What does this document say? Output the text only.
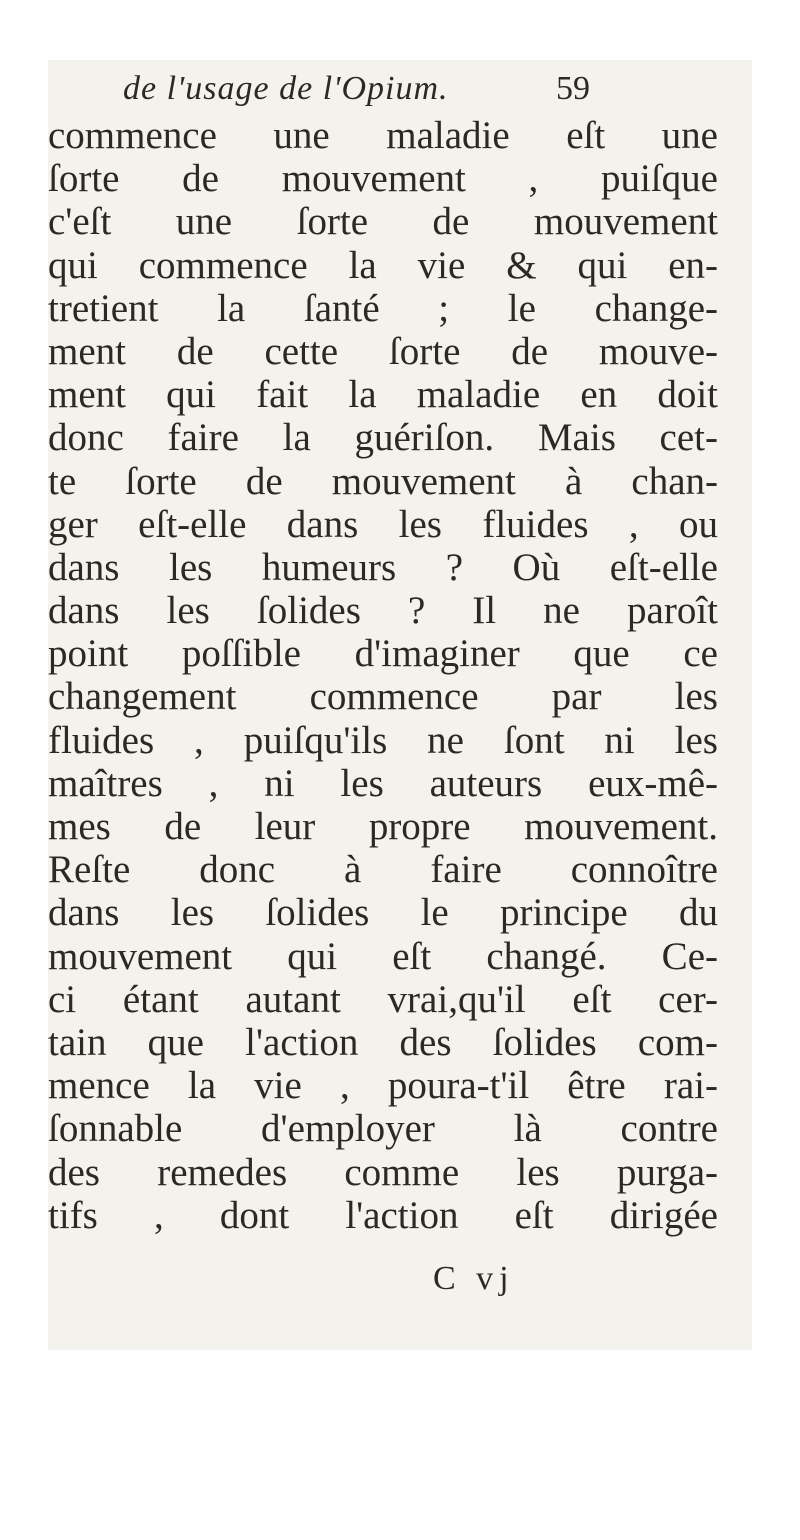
de l'usage de l'Opium.	59
commence une maladie eſt une
ſorte de mouvement , puiſque
c'eſt une ſorte de mouvement
qui commence la vie & qui en-
tretient la ſanté ; le change-
ment de cette ſorte de mouve-
ment qui fait la maladie en doit
donc faire la guériſon. Mais cet-
te ſorte de mouvement à chan-
ger eſt-elle dans les fluides , ou
dans les humeurs ? Où eſt-elle
dans les ſolides ? Il ne paroît
point poſſible d'imaginer que ce
changement commence par les
fluides , puiſqu'ils ne ſont ni les
maîtres , ni les auteurs eux-mê-
mes de leur propre mouvement.
Reſte donc à faire connoître
dans les ſolides le principe du
mouvement qui eſt changé. Ce-
ci étant autant vrai,qu'il eſt cer-
tain que l'action des ſolides com-
mence la vie , poura-t'il être rai-
ſonnable d'employer là contre
des remedes comme les purga-
tifs , dont l'action eſt dirigée
C vj
